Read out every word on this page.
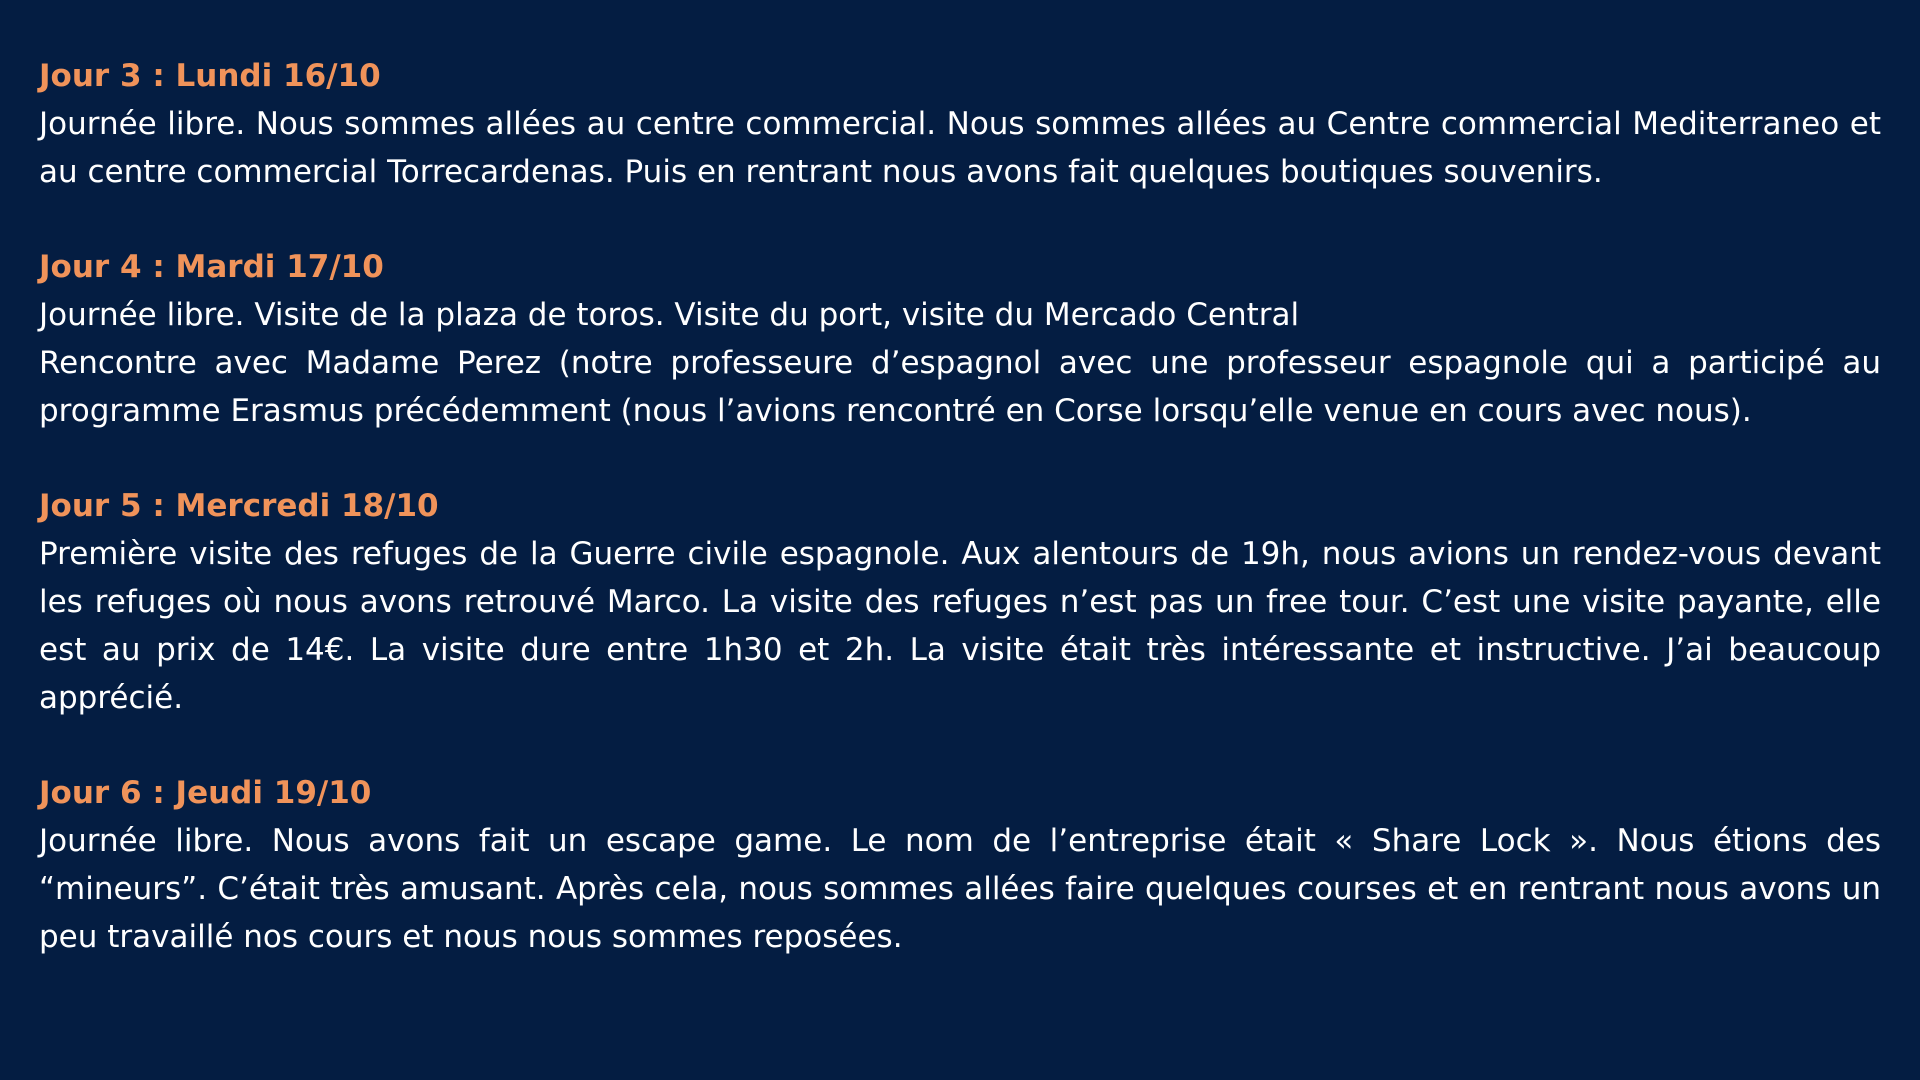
Jour 3 : Lundi 16/10

Journée libre. Nous sommes allées au centre commercial. Nous sommes allées au Centre commercial Mediterraneo et au centre commercial Torrecardenas. Puis en rentrant nous avons fait quelques boutiques souvenirs.

Jour 4 : Mardi 17/10

Journée libre. Visite de la plaza de toros. Visite du port, visite du Mercado Central

Rencontre avec Madame Perez (notre professeure d’espagnol avec une professeur espagnole qui a participé au programme Erasmus précédemment (nous l’avions rencontré en Corse lorsqu’elle venue en cours avec nous).

Jour 5 : Mercredi 18/10

Première visite des refuges de la Guerre civile espagnole. Aux alentours de 19h, nous avions un rendez-vous devant les refuges où nous avons retrouvé Marco. La visite des refuges n’est pas un free tour. C’est une visite payante, elle est au prix de 14€. La visite dure entre 1h30 et 2h. La visite était très intéressante et instructive. J’ai beaucoup apprécié.

Jour 6 : Jeudi 19/10

Journée libre. Nous avons fait un escape game. Le nom de l’entreprise était « Share Lock ». Nous étions des “mineurs”. C’était très amusant. Après cela, nous sommes allées faire quelques courses et en rentrant nous avons un peu travaillé nos cours et nous nous sommes reposées.
